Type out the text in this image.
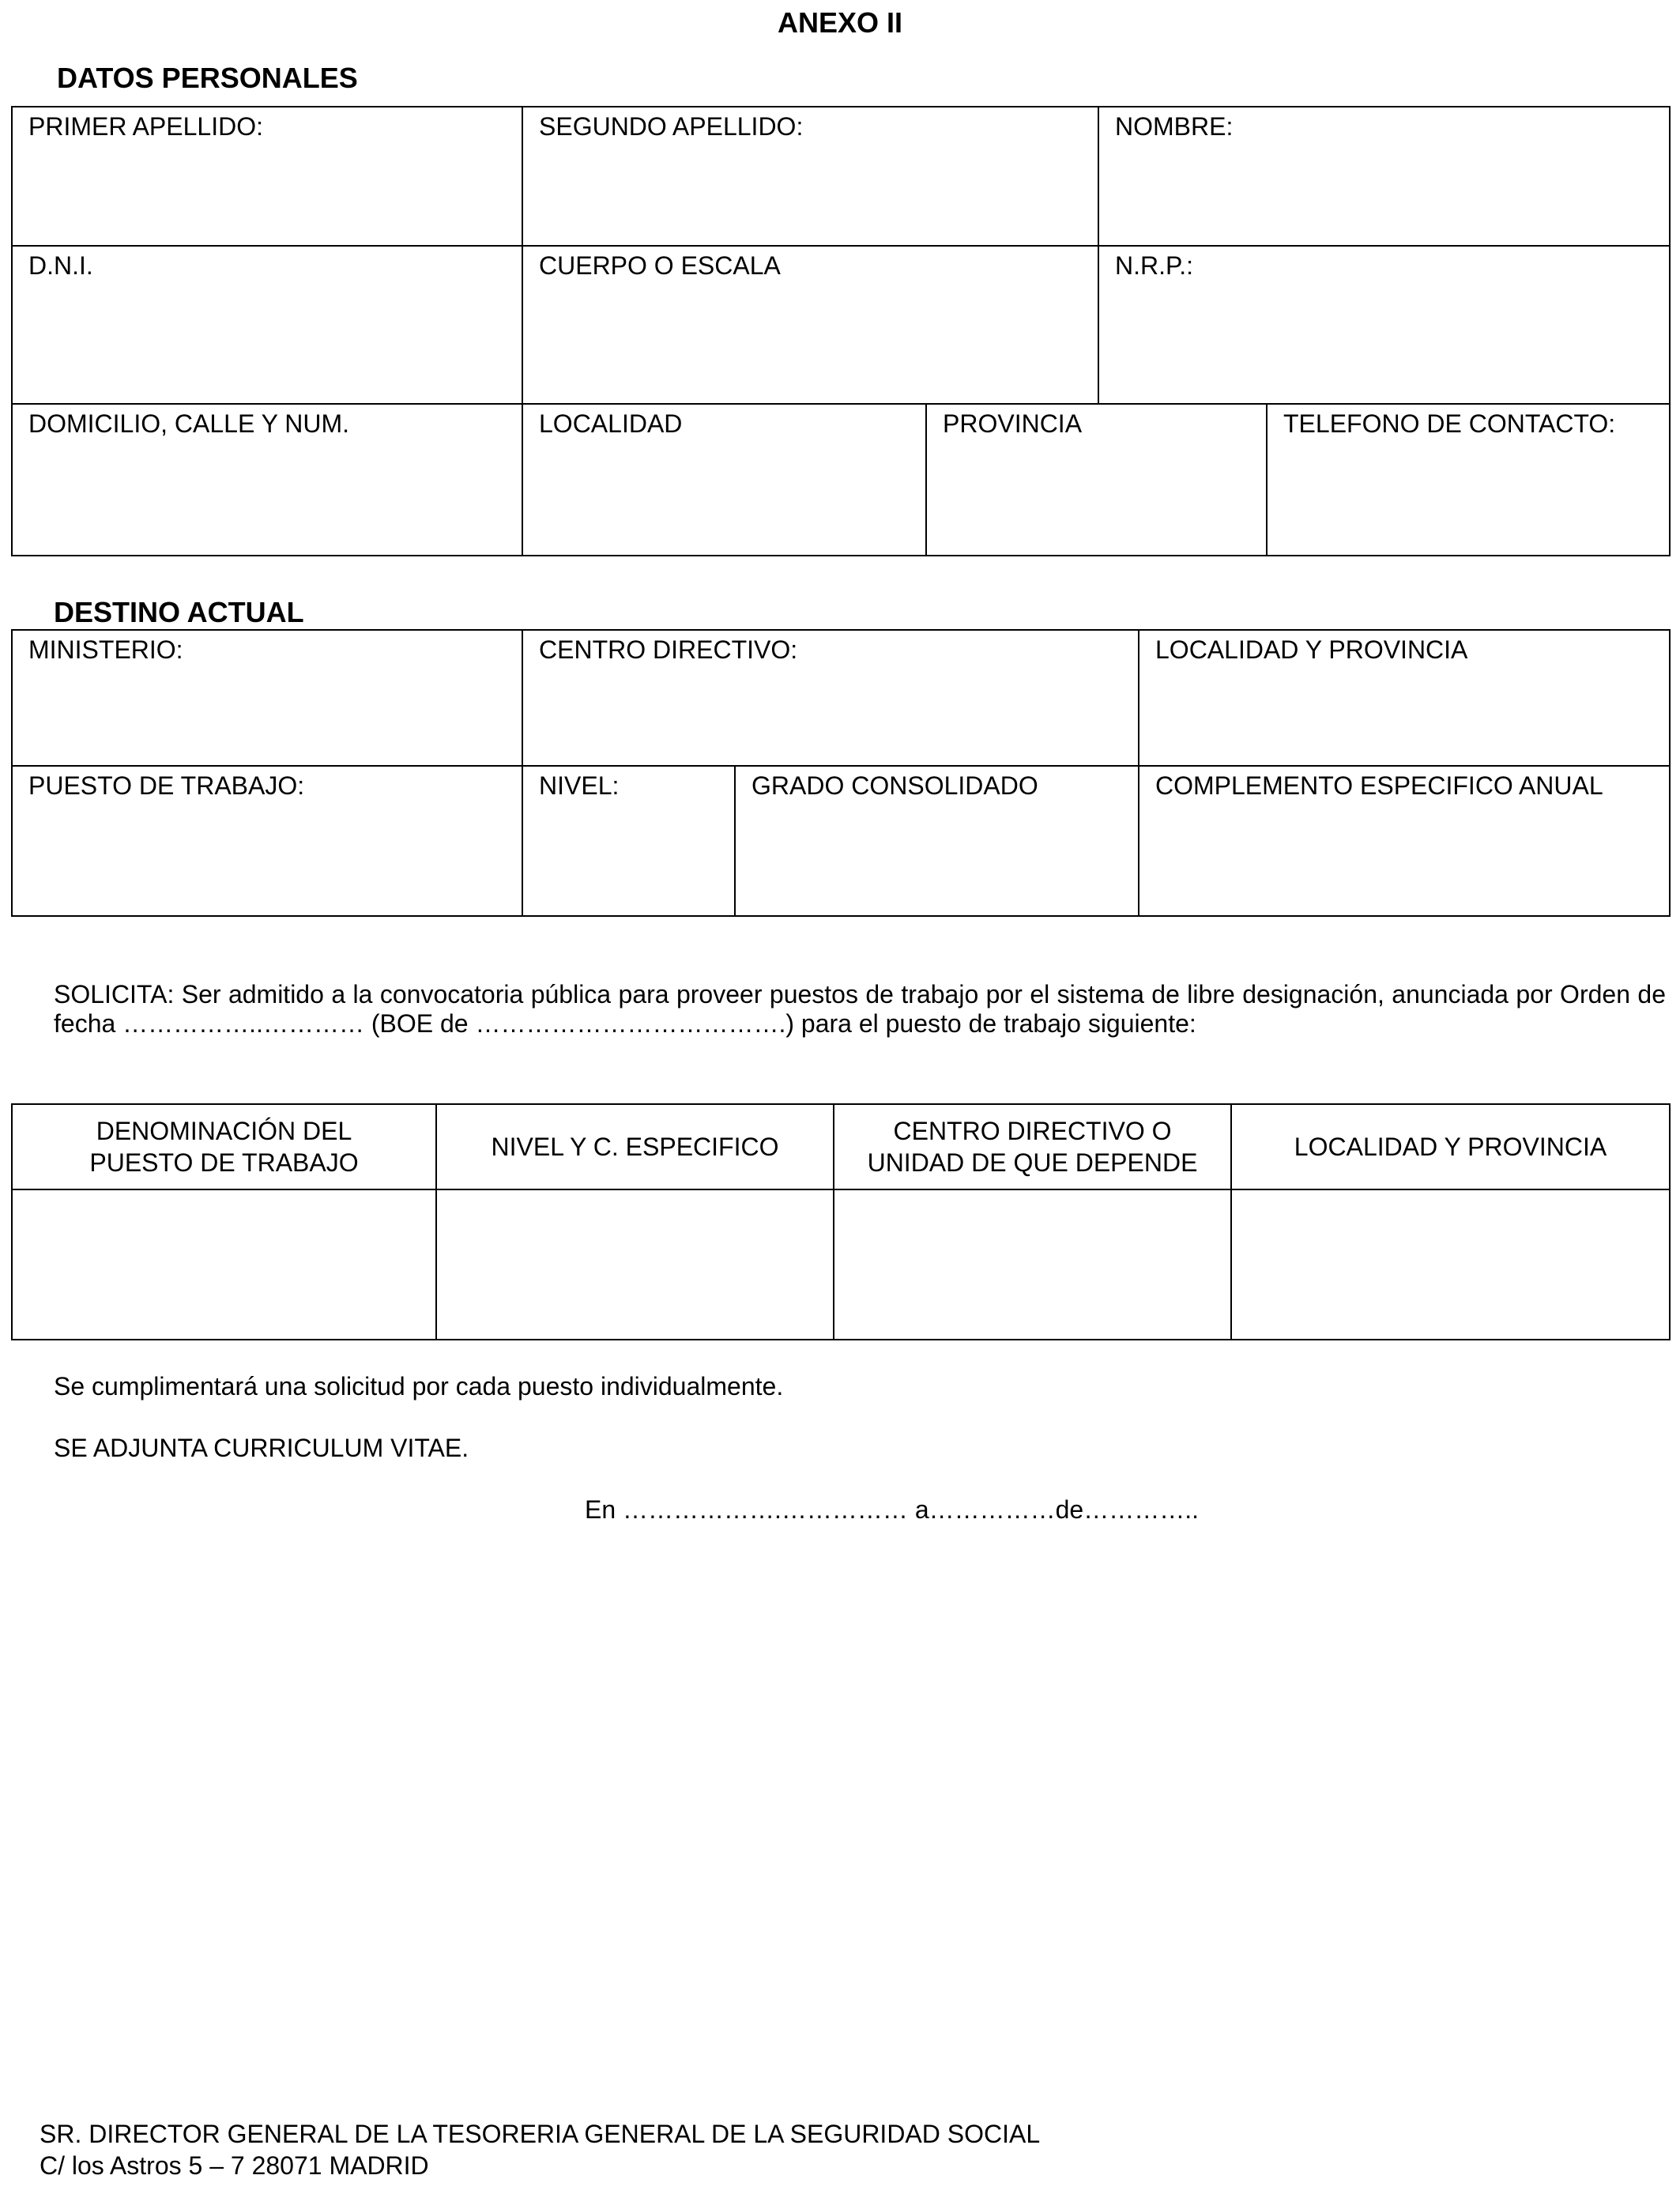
ANEXO II
DATOS PERSONALES
PRIMER APELLIDO:	SEGUNDO APELLIDO:	NOMBRE:
D.N.I.	CUERPO O ESCALA	N.R.P.:
DOMICILIO, CALLE Y NUM.	LOCALIDAD	PROVINCIA	TELEFONO DE CONTACTO:
DESTINO ACTUAL
MINISTERIO:	CENTRO DIRECTIVO:	LOCALIDAD Y PROVINCIA
PUESTO DE TRABAJO:	NIVEL:	GRADO CONSOLIDADO	COMPLEMENTO ESPECIFICO ANUAL
SOLICITA: Ser admitido a la convocatoria pública para proveer puestos de trabajo por el sistema de libre designación, anunciada por Orden de fecha ……………..………… (BOE de ……………………………….) para el puesto de trabajo siguiente:
DENOMINACIÓN DEL PUESTO DE TRABAJO	NIVEL Y C. ESPECIFICO	CENTRO DIRECTIVO O UNIDAD DE QUE DEPENDE	LOCALIDAD Y PROVINCIA

Se cumplimentará una solicitud por cada puesto individualmente.
SE ADJUNTA CURRICULUM VITAE.
En ……………….…………… a……………de…………..
SR. DIRECTOR GENERAL DE LA TESORERIA GENERAL DE LA SEGURIDAD SOCIAL
C/ los Astros 5 – 7 28071 MADRID
